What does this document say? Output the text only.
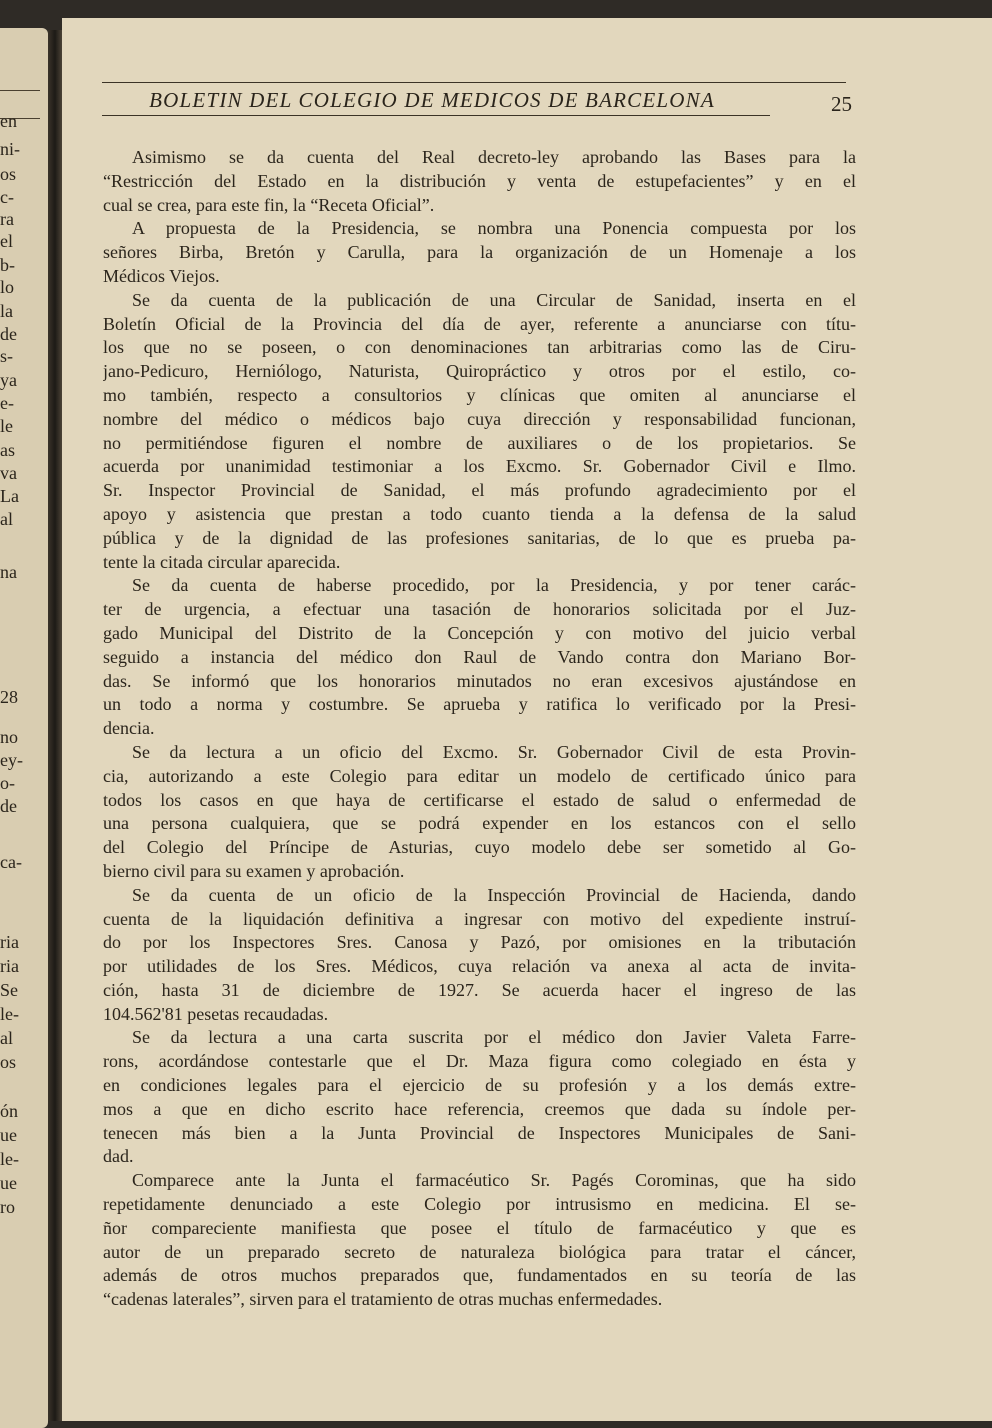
en
ni-
os
c-
ra
el
b-
lo
la
de
s-
ya
e-
le
as
va
La
al
na
28
no
ey-
o-
de
ca-
ria
ria
Se
le-
al
os
ón
ue
le-
ue
ro
BOLETIN DEL COLEGIO DE MEDICOS DE BARCELONA	25
Asimismo se da cuenta del Real decreto-ley aprobando las Bases para la
“Restricción del Estado en la distribución y venta de estupefacientes” y en el
cual se crea, para este fin, la “Receta Oficial”.
A propuesta de la Presidencia, se nombra una Ponencia compuesta por los
señores Birba, Bretón y Carulla, para la organización de un Homenaje a los
Médicos Viejos.
Se da cuenta de la publicación de una Circular de Sanidad, inserta en el
Boletín Oficial de la Provincia del día de ayer, referente a anunciarse con títu-
los que no se poseen, o con denominaciones tan arbitrarias como las de Ciru-
jano-Pedicuro, Herniólogo, Naturista, Quiropráctico y otros por el estilo, co-
mo también, respecto a consultorios y clínicas que omiten al anunciarse el
nombre del médico o médicos bajo cuya dirección y responsabilidad funcionan,
no permitiéndose figuren el nombre de auxiliares o de los propietarios. Se
acuerda por unanimidad testimoniar a los Excmo. Sr. Gobernador Civil e Ilmo.
Sr. Inspector Provincial de Sanidad, el más profundo agradecimiento por el
apoyo y asistencia que prestan a todo cuanto tienda a la defensa de la salud
pública y de la dignidad de las profesiones sanitarias, de lo que es prueba pa-
tente la citada circular aparecida.
Se da cuenta de haberse procedido, por la Presidencia, y por tener carác-
ter de urgencia, a efectuar una tasación de honorarios solicitada por el Juz-
gado Municipal del Distrito de la Concepción y con motivo del juicio verbal
seguido a instancia del médico don Raul de Vando contra don Mariano Bor-
das. Se informó que los honorarios minutados no eran excesivos ajustándose en
un todo a norma y costumbre. Se aprueba y ratifica lo verificado por la Presi-
dencia.
Se da lectura a un oficio del Excmo. Sr. Gobernador Civil de esta Provin-
cia, autorizando a este Colegio para editar un modelo de certificado único para
todos los casos en que haya de certificarse el estado de salud o enfermedad de
una persona cualquiera, que se podrá expender en los estancos con el sello
del Colegio del Príncipe de Asturias, cuyo modelo debe ser sometido al Go-
bierno civil para su examen y aprobación.
Se da cuenta de un oficio de la Inspección Provincial de Hacienda, dando
cuenta de la liquidación definitiva a ingresar con motivo del expediente instruí-
do por los Inspectores Sres. Canosa y Pazó, por omisiones en la tributación
por utilidades de los Sres. Médicos, cuya relación va anexa al acta de invita-
ción, hasta 31 de diciembre de 1927. Se acuerda hacer el ingreso de las
104.562'81 pesetas recaudadas.
Se da lectura a una carta suscrita por el médico don Javier Valeta Farre-
rons, acordándose contestarle que el Dr. Maza figura como colegiado en ésta y
en condiciones legales para el ejercicio de su profesión y a los demás extre-
mos a que en dicho escrito hace referencia, creemos que dada su índole per-
tenecen más bien a la Junta Provincial de Inspectores Municipales de Sani-
dad.
Comparece ante la Junta el farmacéutico Sr. Pagés Corominas, que ha sido
repetidamente denunciado a este Colegio por intrusismo en medicina. El se-
ñor compareciente manifiesta que posee el título de farmacéutico y que es
autor de un preparado secreto de naturaleza biológica para tratar el cáncer,
además de otros muchos preparados que, fundamentados en su teoría de las
“cadenas laterales”, sirven para el tratamiento de otras muchas enfermedades.
